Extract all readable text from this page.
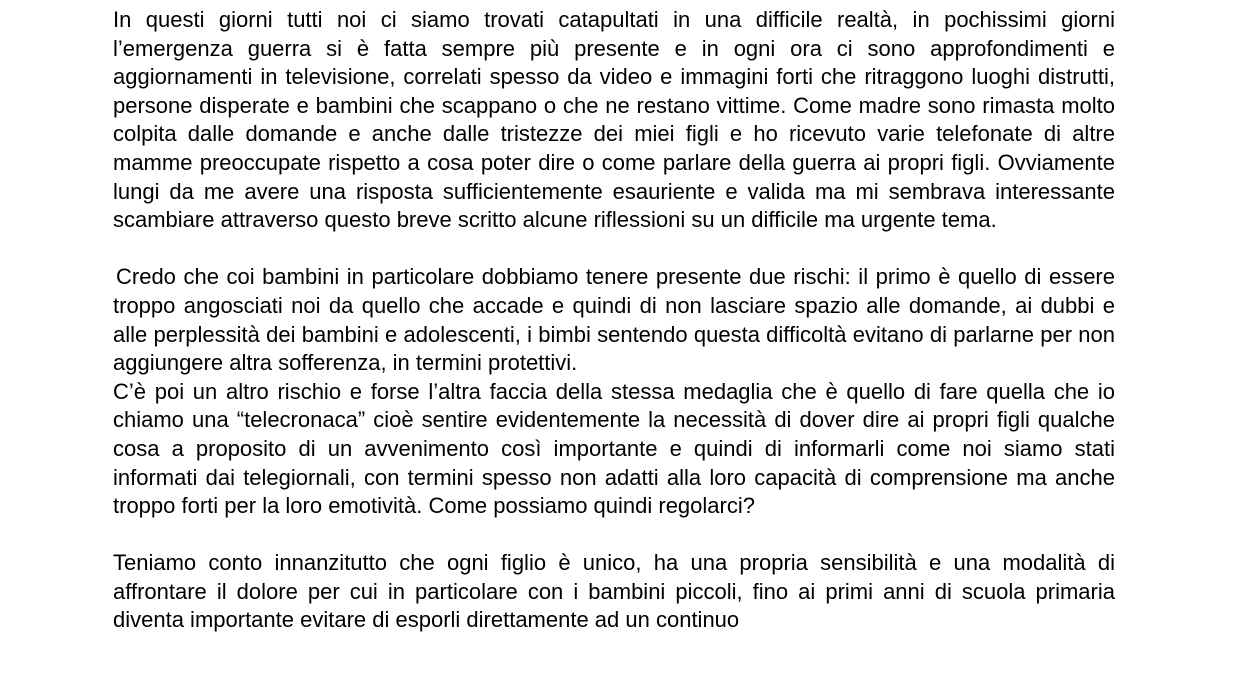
In questi giorni tutti noi ci siamo trovati catapultati in una difficile realtà, in pochissimi giorni l’emergenza guerra si è fatta sempre più presente e in ogni ora ci sono approfondimenti e aggiornamenti in televisione, correlati spesso da video e immagini forti che ritraggono luoghi distrutti, persone disperate e bambini che scappano o che ne restano vittime. Come madre sono rimasta molto colpita dalle domande e anche dalle tristezze dei miei figli e ho ricevuto varie telefonate di altre mamme preoccupate rispetto a cosa poter dire o come parlare della guerra ai propri figli. Ovviamente lungi da me avere una risposta sufficientemente esauriente e valida ma mi sembrava interessante scambiare attraverso questo breve scritto alcune riflessioni su un difficile ma urgente tema.

Credo che coi bambini in particolare dobbiamo tenere presente due rischi: il primo è quello di essere troppo angosciati noi da quello che accade e quindi di non lasciare spazio alle domande, ai dubbi e alle perplessità dei bambini e adolescenti, i bimbi sentendo questa difficoltà evitano di parlarne per non aggiungere altra sofferenza, in termini protettivi.

C’è poi un altro rischio e forse l’altra faccia della stessa medaglia che è quello di fare quella che io chiamo una “telecronaca” cioè sentire evidentemente la necessità di dover dire ai propri figli qualche cosa a proposito di un avvenimento così importante e quindi di informarli come noi siamo stati informati dai telegiornali, con termini spesso non adatti alla loro capacità di comprensione ma anche troppo forti per la loro emotività. Come possiamo quindi regolarci?

Teniamo conto innanzitutto che ogni figlio è unico, ha una propria sensibilità e una modalità di affrontare il dolore per cui in particolare con i bambini piccoli, fino ai primi anni di scuola primaria diventa importante evitare di esporli direttamente ad un continuo
